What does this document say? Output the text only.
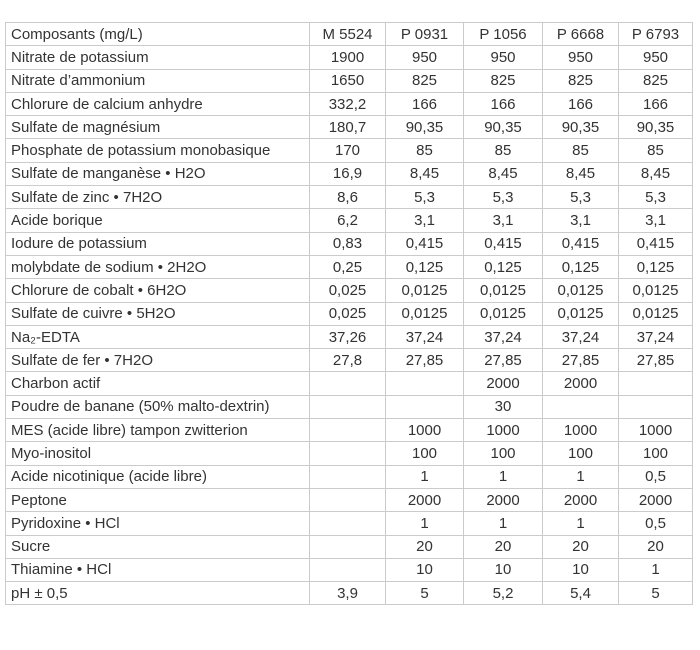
Composants (mg/L)	M 5524	P 0931	P 1056	P 6668	P 6793
Nitrate de potassium	1900	950	950	950	950
Nitrate d’ammonium	1650	825	825	825	825
Chlorure de calcium anhydre	332,2	166	166	166	166
Sulfate de magnésium	180,7	90,35	90,35	90,35	90,35
Phosphate de potassium monobasique	170	85	85	85	85
Sulfate de manganèse • H2O	16,9	8,45	8,45	8,45	8,45
Sulfate de zinc • 7H2O	8,6	5,3	5,3	5,3	5,3
Acide borique	6,2	3,1	3,1	3,1	3,1
Iodure de potassium	0,83	0,415	0,415	0,415	0,415
molybdate de sodium • 2H2O	0,25	0,125	0,125	0,125	0,125
Chlorure de cobalt • 6H2O	0,025	0,0125	0,0125	0,0125	0,0125
Sulfate de cuivre • 5H2O	0,025	0,0125	0,0125	0,0125	0,0125
Na₂-EDTA	37,26	37,24	37,24	37,24	37,24
Sulfate de fer • 7H2O	27,8	27,85	27,85	27,85	27,85
Charbon actif			2000	2000	
Poudre de banane (50% malto-dextrin)			30		
MES (acide libre) tampon zwitterion		1000	1000	1000	1000
Myo-inositol		100	100	100	100
Acide nicotinique (acide libre)		1	1	1	0,5
Peptone		2000	2000	2000	2000
Pyridoxine • HCl		1	1	1	0,5
Sucre		20	20	20	20
Thiamine • HCl		10	10	10	1
pH ± 0,5	3,9	5	5,2	5,4	5
